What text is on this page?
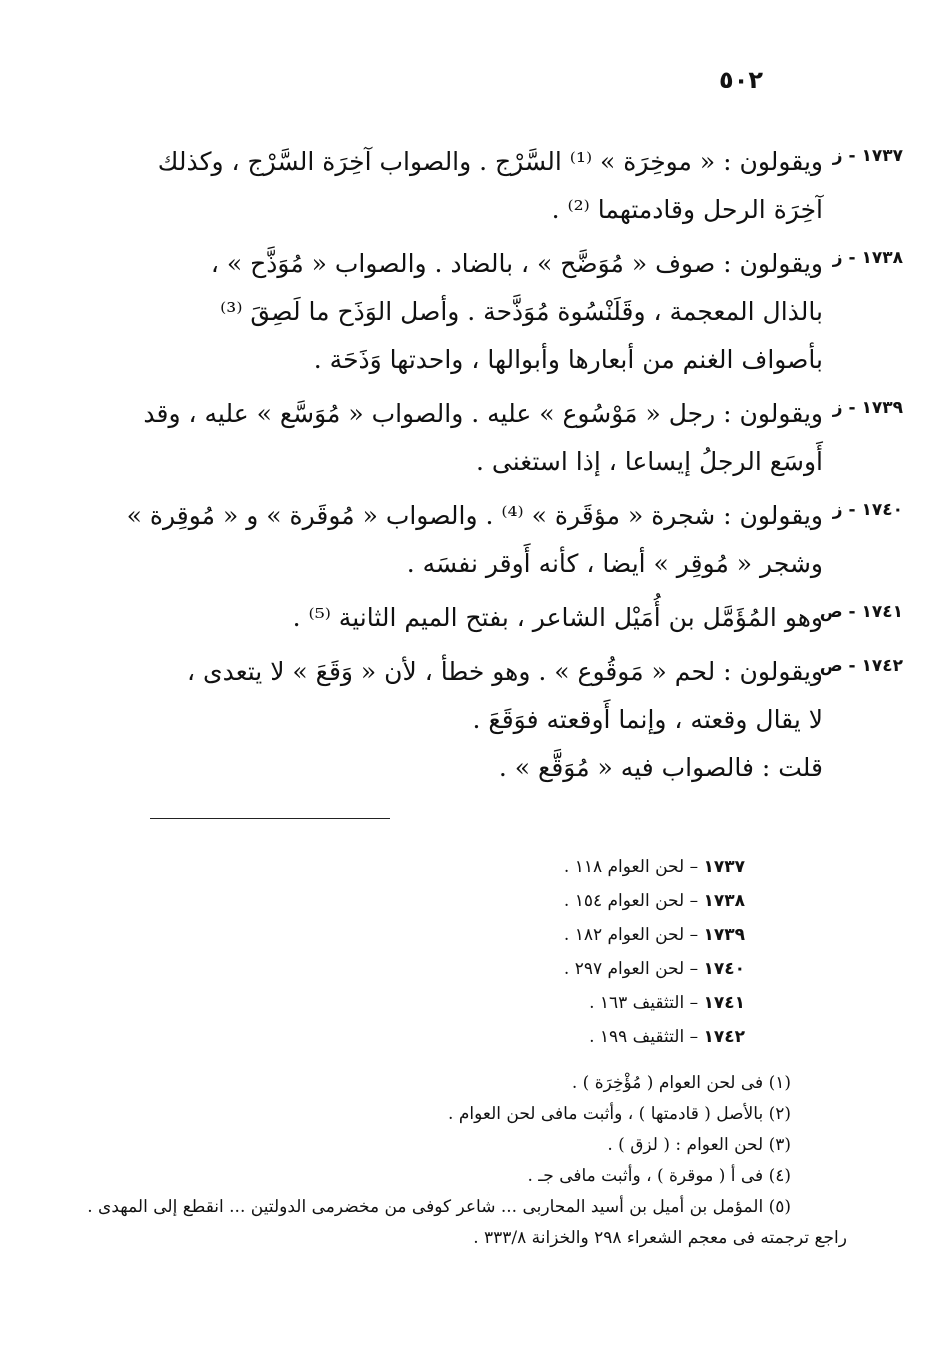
٥٠٢
١٧٣٧ - ز
ويقولون : « موخِرَة » ⁽¹⁾ السَّرْج . والصواب آخِرَة السَّرْج ، وكذلك
آخِرَة الرحل وقادمتهما ⁽²⁾ .
١٧٣٨ - ز
ويقولون : صوف « مُوَضَّح » ، بالضاد . والصواب « مُوَذَّح » ،
بالذال المعجمة ، وقَلَنْسُوة مُوَذَّحة . وأصل الوَذَح ما لَصِقَ ⁽³⁾
بأصواف الغنم من أبعارها وأبوالها ، واحدتها وَذَحَة .
١٧٣٩ - ز
ويقولون : رجل « مَوْسُوع » عليه . والصواب « مُوَسَّع » عليه ، وقد
أَوسَع الرجلُ إيساعا ، إذا استغنى .
١٧٤٠ - ز
ويقولون : شجرة « مؤقَرة » ⁽⁴⁾ . والصواب « مُوقَرة » و « مُوقِرة »
وشجر « مُوقِر » أيضا ، كأنه أَوقر نفسَه .
١٧٤١ - ص
وهو المُؤَمَّل بن أُمَيْل الشاعر ، بفتح الميم الثانية ⁽⁵⁾ .
١٧٤٢ - ص
ويقولون : لحم « مَوقُوع » . وهو خطأ ، لأن « وَقَعَ » لا يتعدى ،
لا يقال وقعته ، وإنما أَوقعته فوَقَعَ .
قلت : فالصواب فيه « مُوَقَّع » .
١٧٣٧ – لحن العوام ١١٨ .
١٧٣٨ – لحن العوام ١٥٤ .
١٧٣٩ – لحن العوام ١٨٢ .
١٧٤٠ – لحن العوام ٢٩٧ .
١٧٤١ – التثقيف ١٦٣ .
١٧٤٢ – التثقيف ١٩٩ .
(١) فى لحن العوام ( مُؤْخِرَة ) .
(٢) بالأصل ( قادمتها ) ، وأثبت مافى لحن العوام .
(٣) لحن العوام : ( لزق ) .
(٤) فى أ ( موقرة ) ، وأثبت مافى جـ .
(٥) المؤمل بن أميل بن أسيد المحاربى ... شاعر كوفى من مخضرمى الدولتين ... انقطع إلى المهدى .
راجع ترجمته فى معجم الشعراء ٢٩٨ والخزانة ٣٣٣/٨ .
